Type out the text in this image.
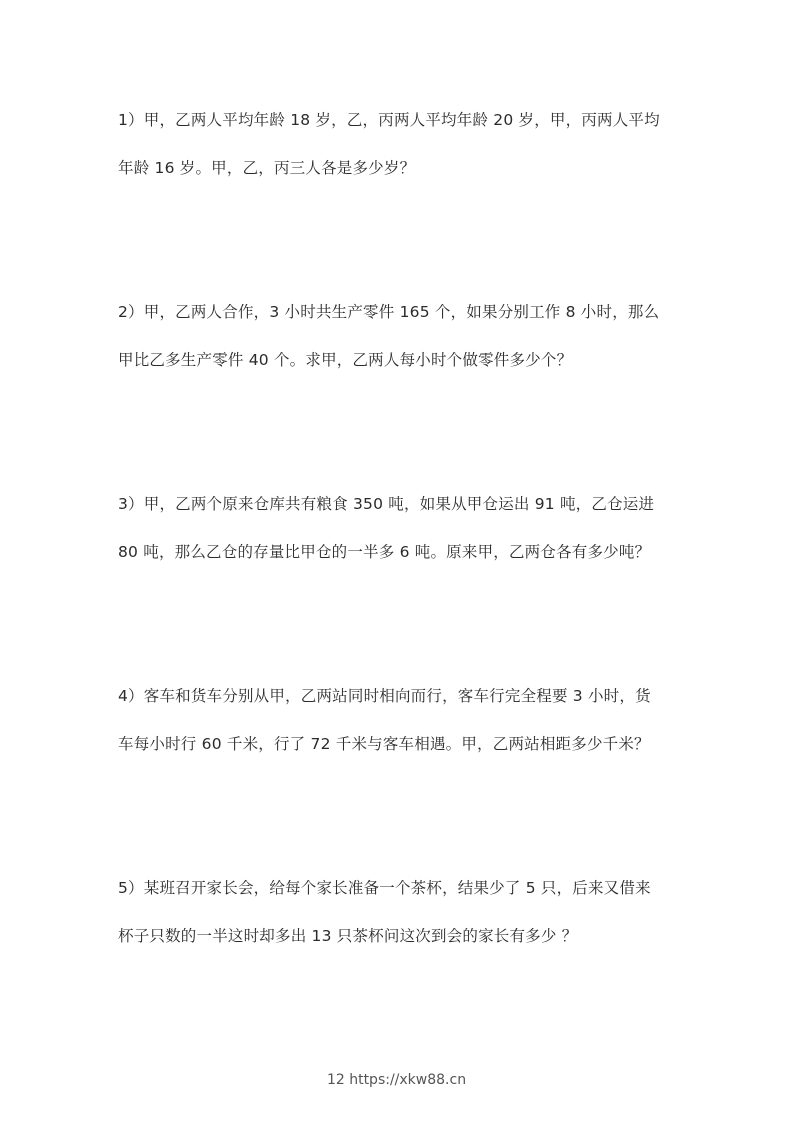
1）甲，乙两人平均年龄 18 岁，乙，丙两人平均年龄 20 岁，甲，丙两人平均
年龄 16 岁。甲，乙，丙三人各是多少岁？
2）甲，乙两人合作，3 小时共生产零件 165 个，如果分别工作 8 小时，那么
甲比乙多生产零件 40 个。求甲，乙两人每小时个做零件多少个？
3）甲，乙两个原来仓库共有粮食 350 吨，如果从甲仓运出 91 吨，乙仓运进
80 吨，那么乙仓的存量比甲仓的一半多 6 吨。原来甲，乙两仓各有多少吨？
4）客车和货车分别从甲，乙两站同时相向而行，客车行完全程要 3 小时，货
车每小时行 60 千米，行了 72 千米与客车相遇。甲，乙两站相距多少千米？
5）某班召开家长会，给每个家长准备一个茶杯，结果少了 5 只，后来又借来
杯子只数的一半这时却多出 13 只茶杯问这次到会的家长有多少 ？
12 https://xkw88.cn
